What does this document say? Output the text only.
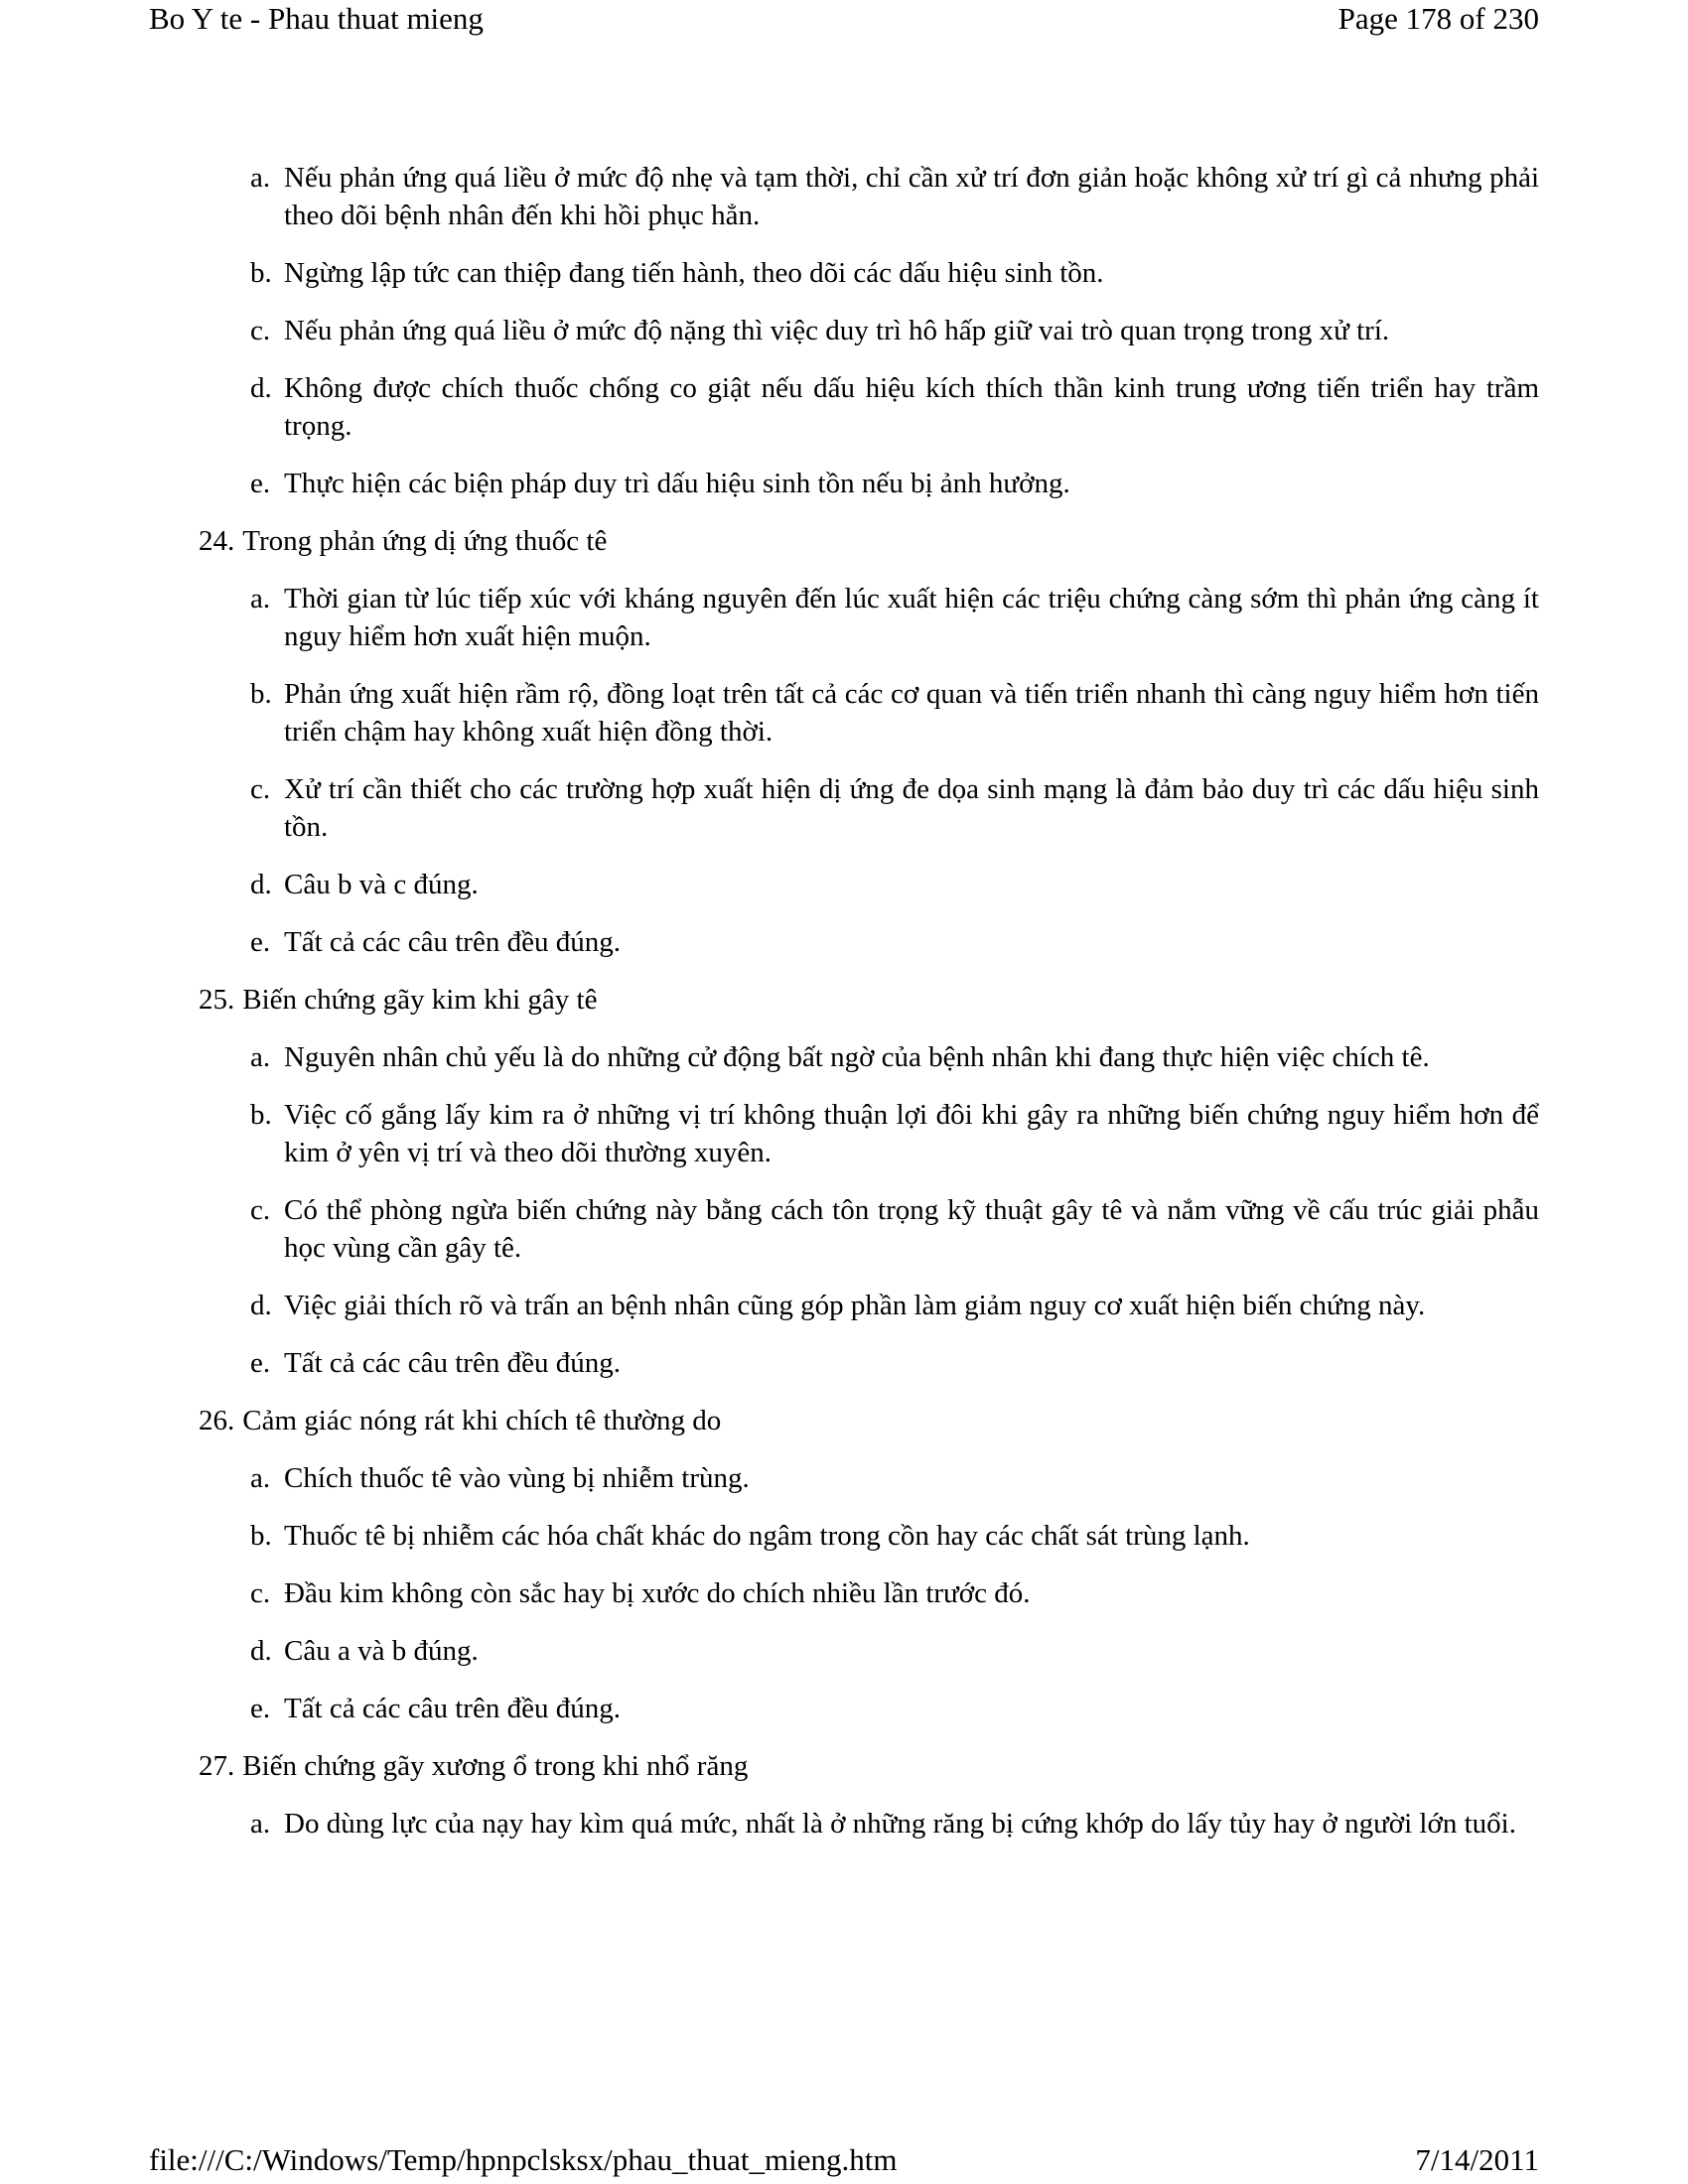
Bo Y te - Phau thuat mieng	Page 178 of 230
a. Nếu phản ứng quá liều ở mức độ nhẹ và tạm thời, chỉ cần xử trí đơn giản hoặc không xử trí gì cả nhưng phải theo dõi bệnh nhân đến khi hồi phục hẳn.
b. Ngừng lập tức can thiệp đang tiến hành, theo dõi các dấu hiệu sinh tồn.
c. Nếu phản ứng quá liều ở mức độ nặng thì việc duy trì hô hấp giữ vai trò quan trọng trong xử trí.
d. Không được chích thuốc chống co giật nếu dấu hiệu kích thích thần kinh trung ương tiến triển hay trầm trọng.
e. Thực hiện các biện pháp duy trì dấu hiệu sinh tồn nếu bị ảnh hưởng.
24. Trong phản ứng dị ứng thuốc tê
a. Thời gian từ lúc tiếp xúc với kháng nguyên đến lúc xuất hiện các triệu chứng càng sớm thì phản ứng càng ít nguy hiểm hơn xuất hiện muộn.
b. Phản ứng xuất hiện rầm rộ, đồng loạt trên tất cả các cơ quan và tiến triển nhanh thì càng nguy hiểm hơn tiến triển chậm hay không xuất hiện đồng thời.
c. Xử trí cần thiết cho các trường hợp xuất hiện dị ứng đe dọa sinh mạng là đảm bảo duy trì các dấu hiệu sinh tồn.
d. Câu b và c đúng.
e. Tất cả các câu trên đều đúng.
25. Biến chứng gãy kim khi gây tê
a. Nguyên nhân chủ yếu là do những cử động bất ngờ của bệnh nhân khi đang thực hiện việc chích tê.
b. Việc cố gắng lấy kim ra ở những vị trí không thuận lợi đôi khi gây ra những biến chứng nguy hiểm hơn để kim ở yên vị trí và theo dõi thường xuyên.
c. Có thể phòng ngừa biến chứng này bằng cách tôn trọng kỹ thuật gây tê và nắm vững về cấu trúc giải phẫu học vùng cần gây tê.
d. Việc giải thích rõ và trấn an bệnh nhân cũng góp phần làm giảm nguy cơ xuất hiện biến chứng này.
e. Tất cả các câu trên đều đúng.
26. Cảm giác nóng rát khi chích tê thường do
a. Chích thuốc tê vào vùng bị nhiễm trùng.
b. Thuốc tê bị nhiễm các hóa chất khác do ngâm trong cồn hay các chất sát trùng lạnh.
c. Đầu kim không còn sắc hay bị xước do chích nhiều lần trước đó.
d. Câu a và b đúng.
e. Tất cả các câu trên đều đúng.
27. Biến chứng gãy xương ổ trong khi nhổ răng
a. Do dùng lực của nạy hay kìm quá mức, nhất là ở những răng bị cứng khớp do lấy tủy hay ở người lớn tuổi.
file:///C:/Windows/Temp/hpnpclsksx/phau_thuat_mieng.htm	7/14/2011
